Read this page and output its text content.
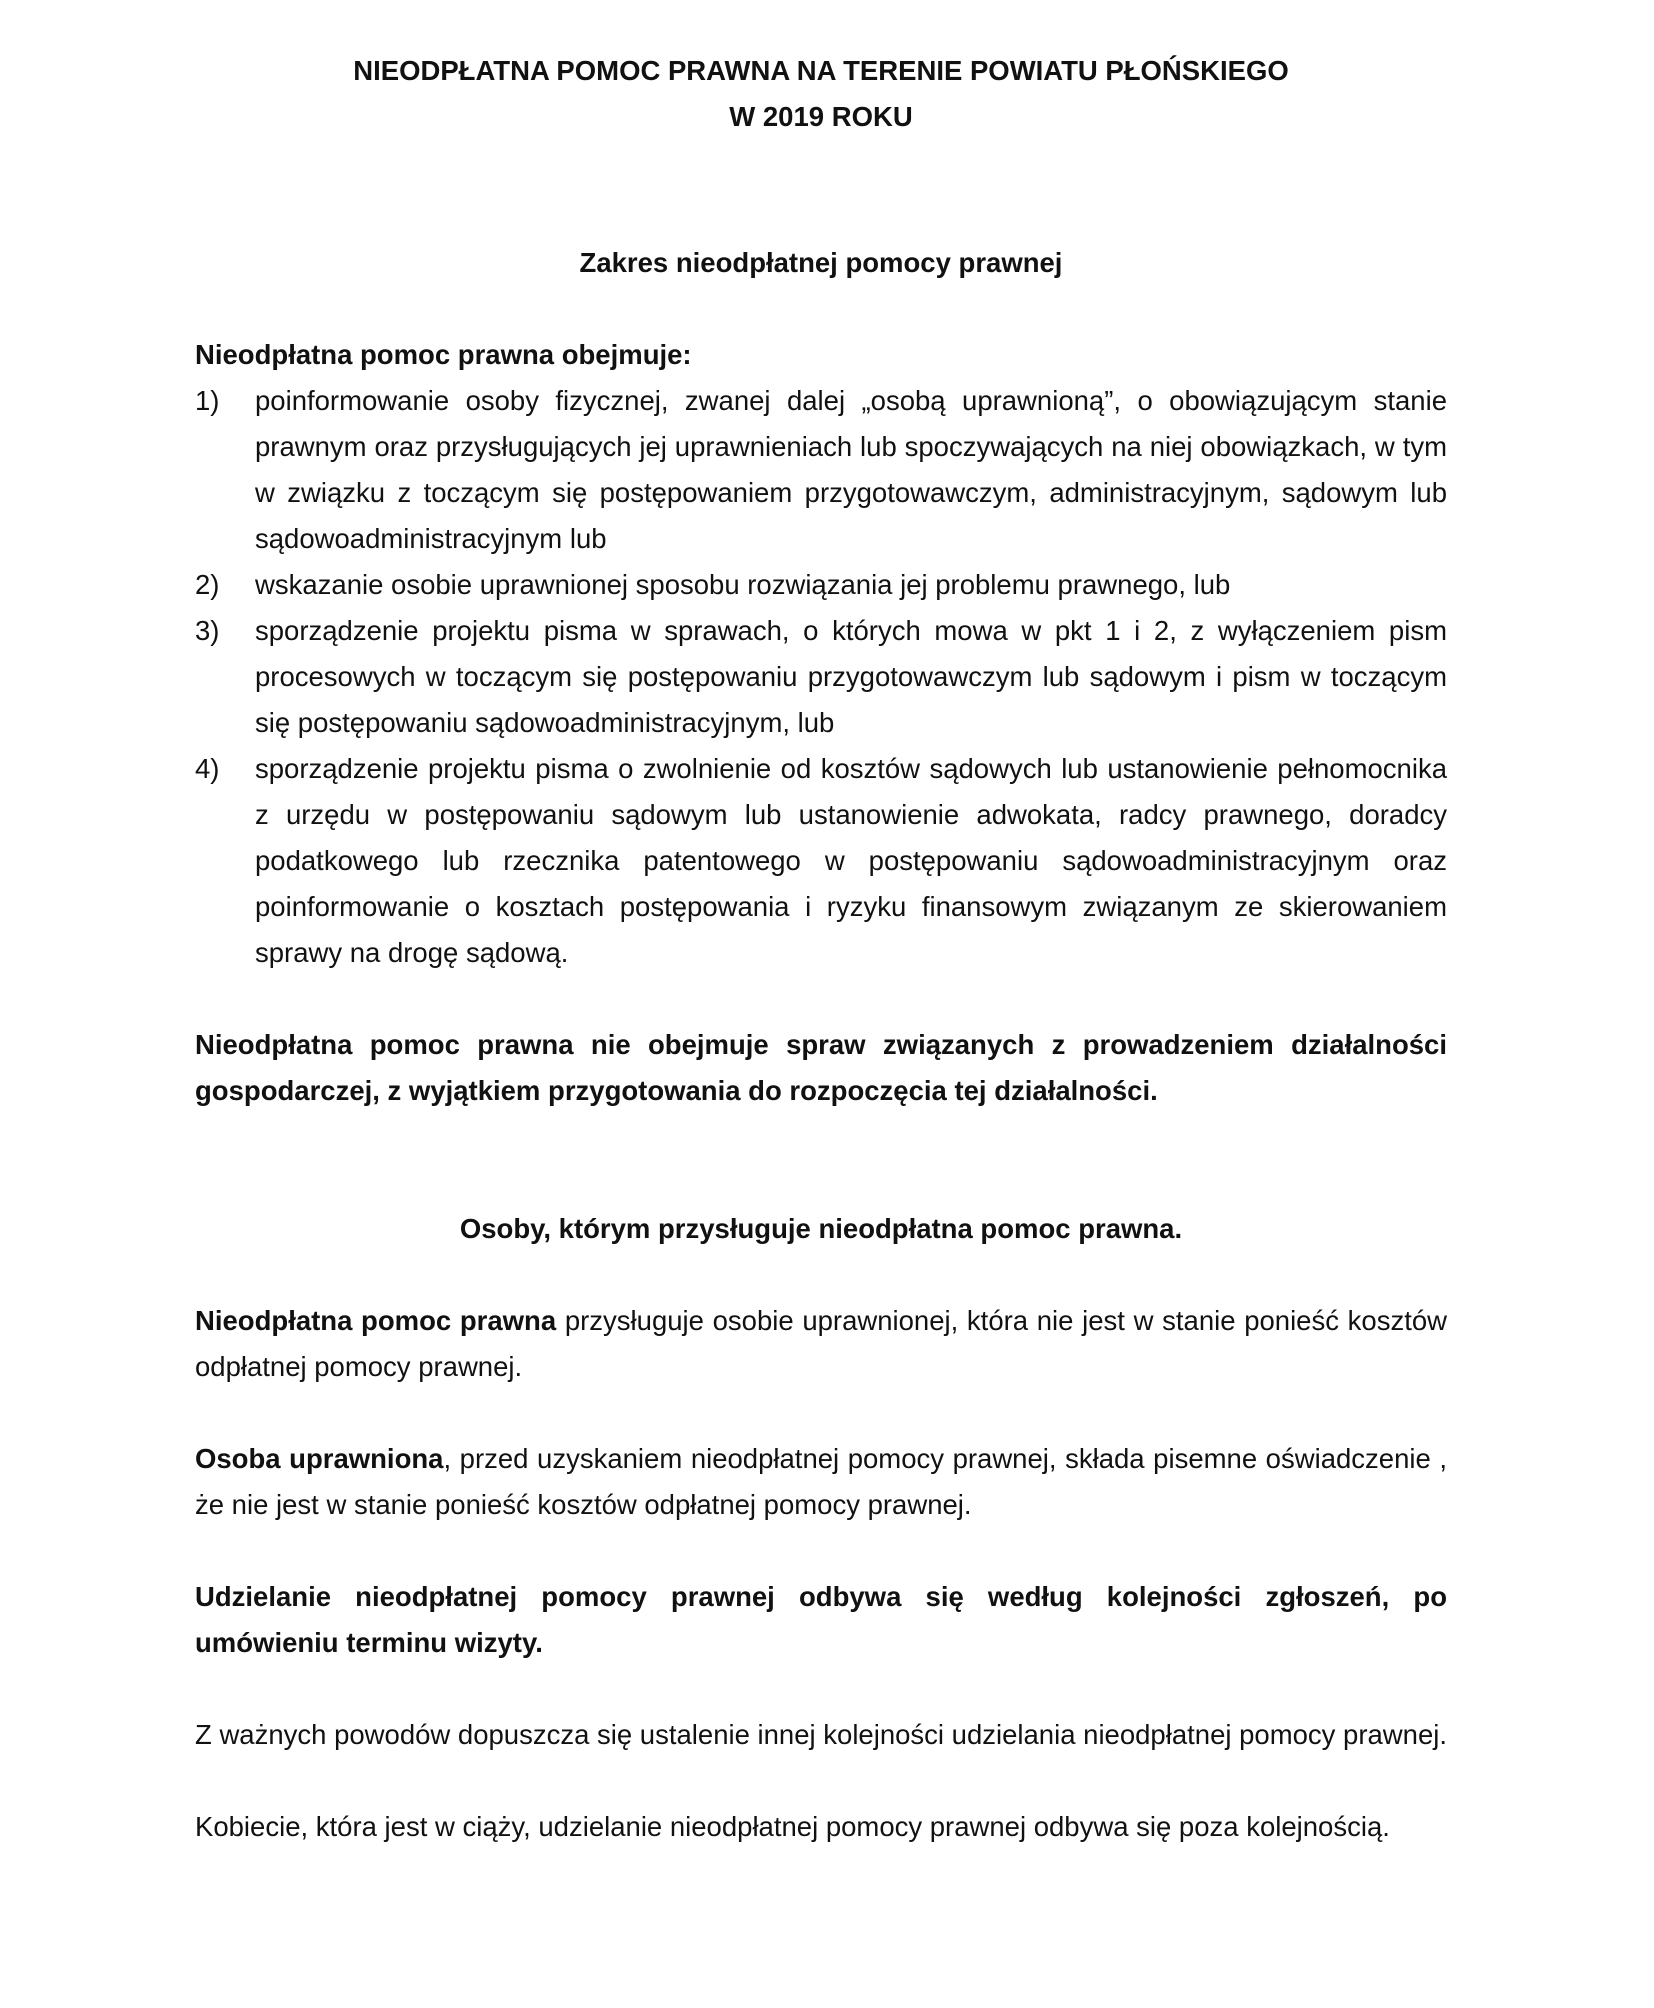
NIEODPŁATNA POMOC PRAWNA NA TERENIE POWIATU PŁOŃSKIEGO
W 2019 ROKU
Zakres nieodpłatnej pomocy prawnej

Nieodpłatna pomoc prawna obejmuje:

1)	poinformowanie osoby fizycznej, zwanej dalej „osobą uprawnioną”, o obowiązującym stanie prawnym oraz przysługujących jej uprawnieniach lub spoczywających na niej obowiązkach, w tym w związku z toczącym się postępowaniem przygotowawczym, administracyjnym, sądowym lub sądowoadministracyjnym lub
2)	wskazanie osobie uprawnionej sposobu rozwiązania jej problemu prawnego, lub
3)	sporządzenie projektu pisma w sprawach, o których mowa w pkt 1 i 2, z wyłączeniem pism procesowych w toczącym się postępowaniu przygotowawczym lub sądowym i pism w toczącym się postępowaniu sądowoadministracyjnym, lub
4)	sporządzenie projektu pisma o zwolnienie od kosztów sądowych lub ustanowienie pełnomocnika z urzędu w postępowaniu sądowym lub ustanowienie adwokata, radcy prawnego, doradcy podatkowego lub rzecznika patentowego w postępowaniu sądowoadministracyjnym oraz poinformowanie o kosztach postępowania i ryzyku finansowym związanym ze skierowaniem sprawy na drogę sądową.

Nieodpłatna pomoc prawna nie obejmuje spraw związanych z prowadzeniem działalności gospodarczej, z wyjątkiem przygotowania do rozpoczęcia tej działalności.

Osoby, którym przysługuje nieodpłatna pomoc prawna.

Nieodpłatna pomoc prawna przysługuje osobie uprawnionej, która nie jest w stanie ponieść kosztów odpłatnej pomocy prawnej.

Osoba uprawniona, przed uzyskaniem nieodpłatnej pomocy prawnej, składa pisemne oświadczenie , że nie jest w stanie ponieść kosztów odpłatnej pomocy prawnej.

Udzielanie nieodpłatnej pomocy prawnej odbywa się według kolejności zgłoszeń, po umówieniu terminu wizyty.

Z ważnych powodów dopuszcza się ustalenie innej kolejności udzielania nieodpłatnej pomocy prawnej.

Kobiecie, która jest w ciąży, udzielanie nieodpłatnej pomocy prawnej odbywa się poza kolejnością.
